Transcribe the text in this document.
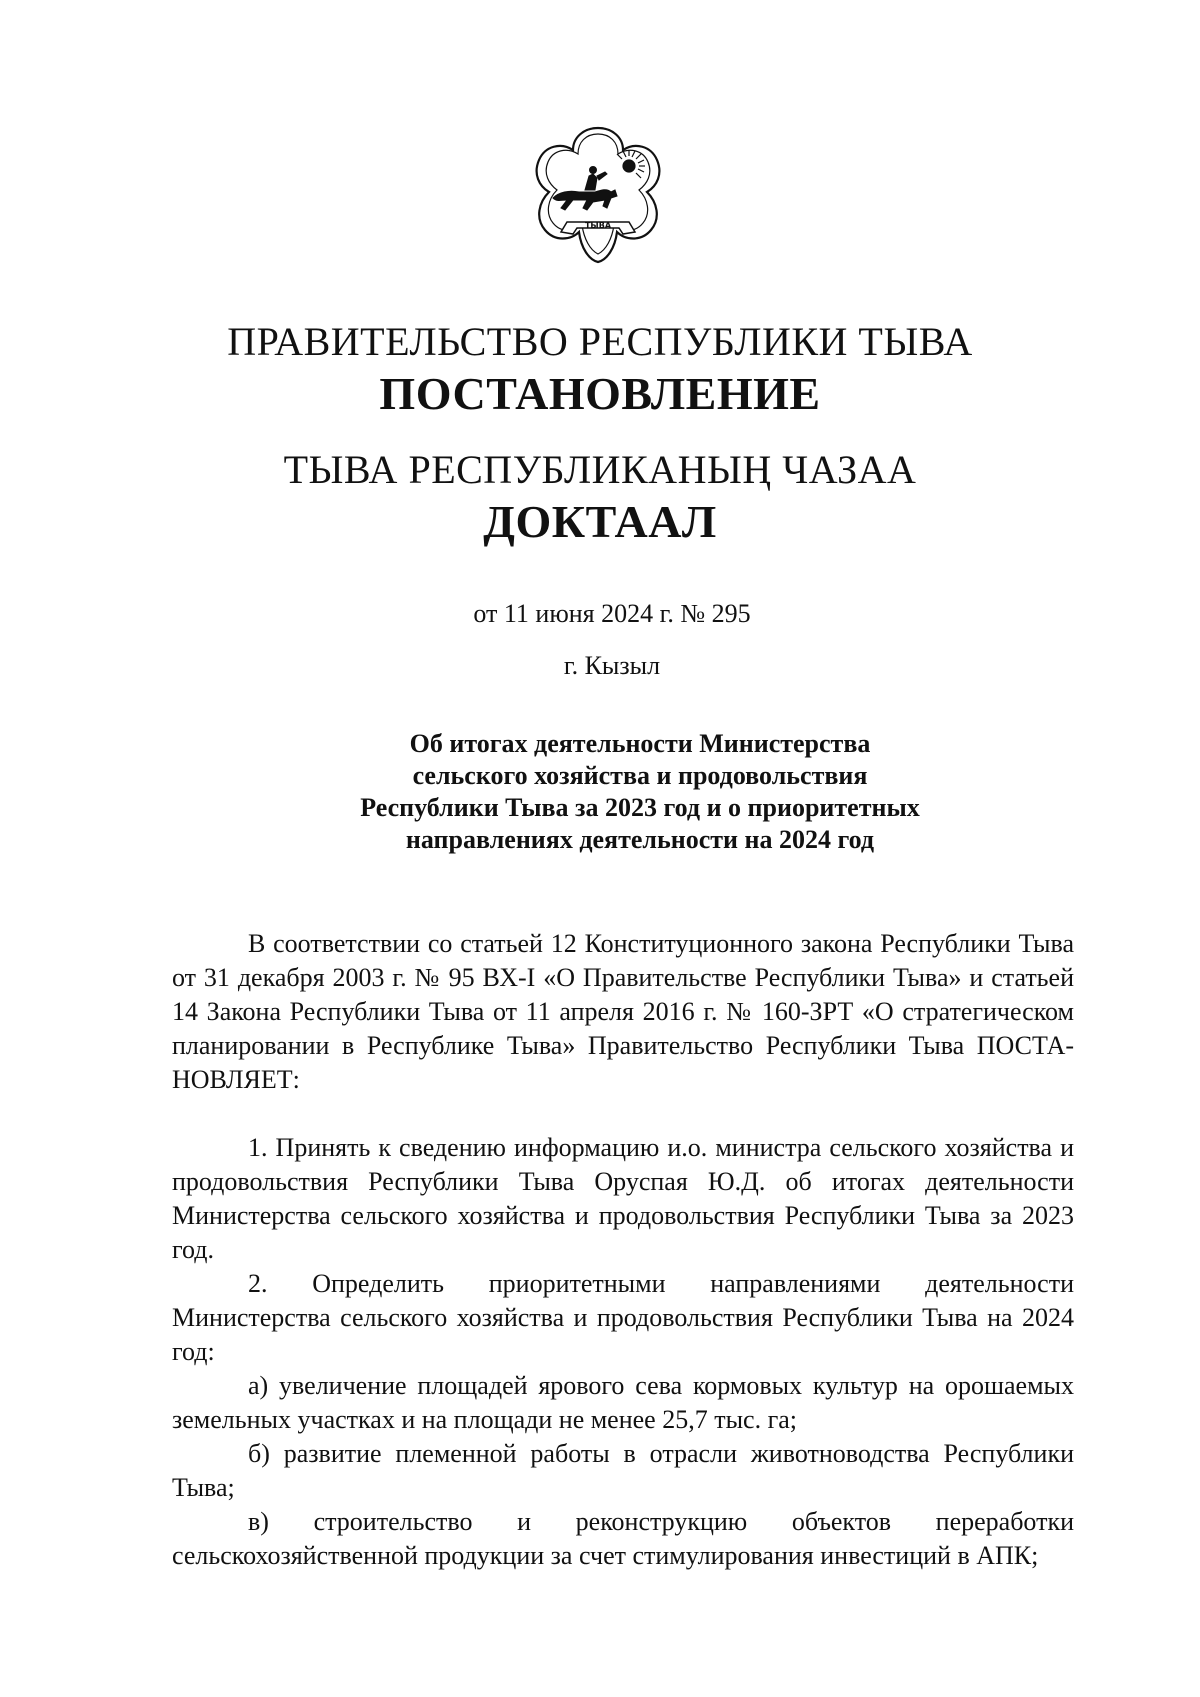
ТЫВА
ПРАВИТЕЛЬСТВО РЕСПУБЛИКИ ТЫВА
ПОСТАНОВЛЕНИЕ
ТЫВА РЕСПУБЛИКАНЫҢ ЧАЗАА
ДОКТААЛ
от 11 июня 2024 г. № 295
г. Кызыл
Об итогах деятельности Министерства
сельского хозяйства и продовольствия
Республики Тыва за 2023 год и о приоритетных
направлениях деятельности на 2024 год

В соответствии со статьей 12 Конституционного закона Республики Тыва от 31 декабря 2003 г. № 95 ВХ-I «О Правительстве Республики Тыва» и статьей 14 Закона Республики Тыва от 11 апреля 2016 г. № 160-ЗРТ «О стратегическом планировании в Республике Тыва» Правительство Республики Тыва ПОСТА-НОВЛЯЕТ:

1. Принять к сведению информацию и.о. министра сельского хозяйства и продовольствия Республики Тыва Оруспая Ю.Д. об итогах деятельности Министерства сельского хозяйства и продовольствия Республики Тыва за 2023 год.

2. Определить приоритетными направлениями деятельности Министерства сельского хозяйства и продовольствия Республики Тыва на 2024 год:

а) увеличение площадей ярового сева кормовых культур на орошаемых земельных участках и на площади не менее 25,7 тыс. га;

б) развитие племенной работы в отрасли животноводства Республики Тыва;

в) строительство и реконструкцию объектов переработки сельскохозяйственной продукции за счет стимулирования инвестиций в АПК;
